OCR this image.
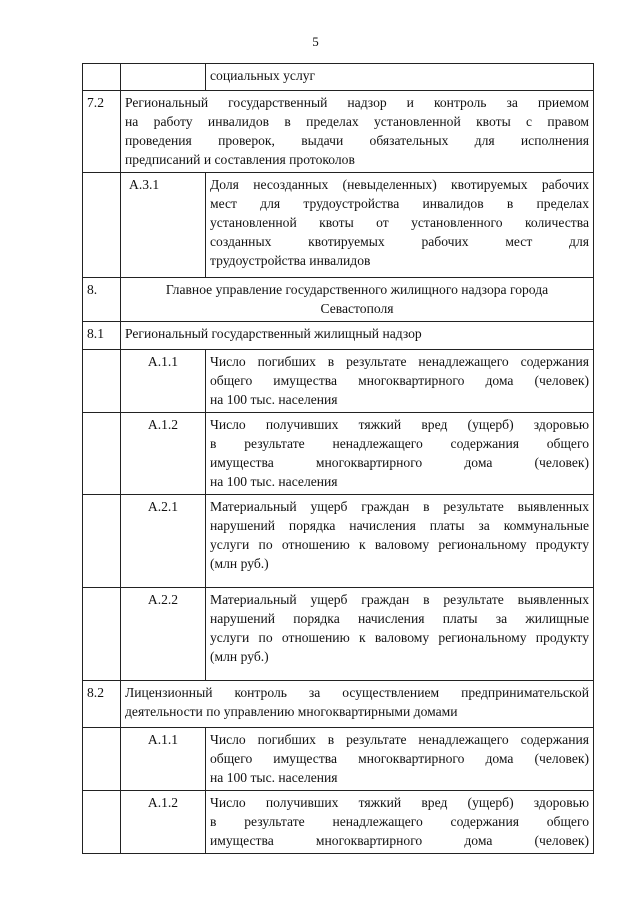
5

		социальных услуг

7.2	Региональный государственный надзор и контроль за приемом
на работу инвалидов в пределах установленной квоты с правом
проведения проверок, выдачи обязательных для исполнения
предписаний и составления протоколов	

	А.3.1	Доля несозданных (невыделенных) квотируемых рабочих
мест для трудоустройства инвалидов в пределах
установленной квоты от установленного количества
созданных квотируемых рабочих мест для
трудоустройства инвалидов

8.	Главное управление государственного жилищного надзора города Севастополя	
8.1	Региональный государственный жилищный надзор	
	А.1.1	Число погибших в результате ненадлежащего содержания
общего имущества многоквартирного дома (человек)
на 100 тыс. населения

	А.1.2	Число получивших тяжкий вред (ущерб) здоровью
в результате ненадлежащего содержания общего
имущества многоквартирного дома (человек)
на 100 тыс. населения

	А.2.1	Материальный ущерб граждан в результате выявленных
нарушений порядка начисления платы за коммунальные
услуги по отношению к валовому региональному продукту
(млн руб.)

	А.2.2	Материальный ущерб граждан в результате выявленных
нарушений порядка начисления платы за жилищные
услуги по отношению к валовому региональному продукту
(млн руб.)

8.2	Лицензионный контроль за осуществлением предпринимательской
деятельности по управлению многоквартирными домами	

	А.1.1	Число погибших в результате ненадлежащего содержания
общего имущества многоквартирного дома (человек)
на 100 тыс. населения

	А.1.2	Число получивших тяжкий вред (ущерб) здоровью
в результате ненадлежащего содержания общего
имущества многоквартирного дома (человек)
